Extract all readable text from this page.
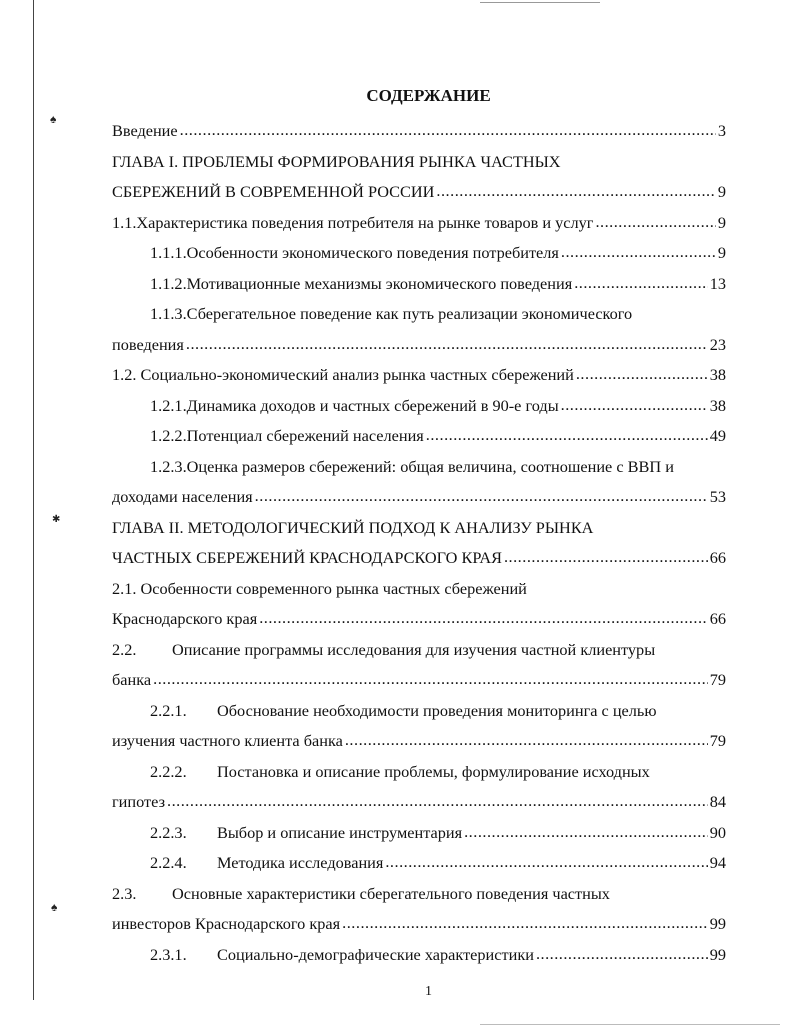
♠
✱
♠
СОДЕРЖАНИЕ
Введение .....	3
ГЛАВА I. ПРОБЛЕМЫ ФОРМИРОВАНИЯ РЫНКА ЧАСТНЫХ
СБЕРЕЖЕНИЙ В СОВРЕМЕННОЙ РОССИИ .....	9
1.1.Характеристика поведения потребителя на рынке товаров и услуг .....	9
1.1.1.Особенности экономического поведения потребителя .....	9
1.1.2.Мотивационные механизмы экономического поведения .....	13
1.1.3.Сберегательное поведение как путь реализации экономического
поведения .....	23
1.2. Социально-экономический анализ рынка частных сбережений .....	38
1.2.1.Динамика доходов и частных сбережений в 90-е годы .....	38
1.2.2.Потенциал сбережений населения .....	49
1.2.3.Оценка размеров сбережений: общая величина, соотношение с ВВП и
доходами населения .....	53
ГЛАВА II. МЕТОДОЛОГИЧЕСКИЙ ПОДХОД К АНАЛИЗУ РЫНКА
ЧАСТНЫХ СБЕРЕЖЕНИЙ КРАСНОДАРСКОГО КРАЯ .....	66
2.1. Особенности современного рынка частных сбережений
Краснодарского края .....	66
2.2.	Описание программы исследования для изучения частной клиентуры
банка .....	79
2.2.1.	Обоснование необходимости проведения мониторинга с целью
изучения частного клиента банка .....	79
2.2.2.	Постановка и описание проблемы, формулирование исходных
гипотез .....	84
2.2.3.	Выбор и описание инструментария .....	90
2.2.4.	Методика исследования .....	94
2.3.	Основные характеристики сберегательного поведения частных
инвесторов Краснодарского края .....	99
2.3.1.	Социально-демографические характеристики .....	99
1
